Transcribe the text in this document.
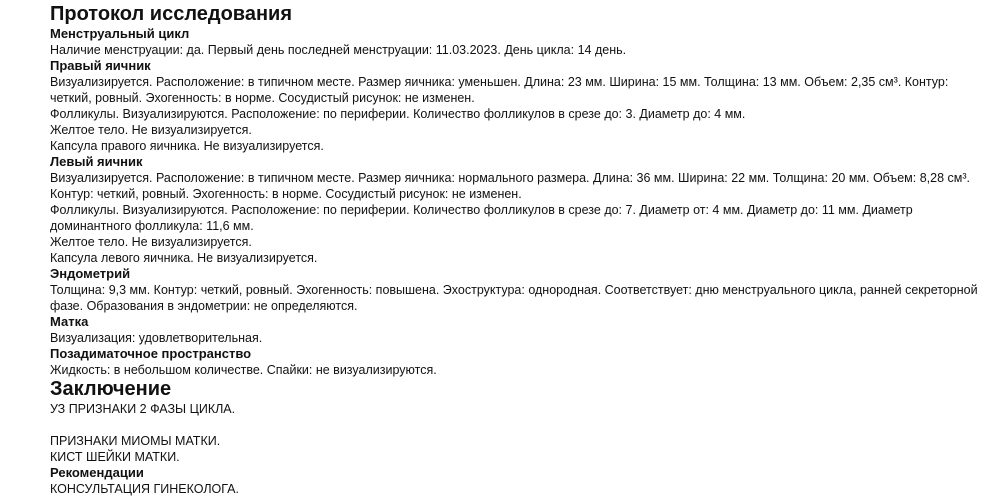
Протокол исследования
Менструальный цикл
Наличие менструации: да. Первый день последней менструации: 11.03.2023. День цикла: 14 день.
Правый яичник
Визуализируется. Расположение: в типичном месте. Размер яичника: уменьшен. Длина: 23 мм. Ширина: 15 мм. Толщина: 13 мм. Объем: 2,35 см³. Контур: четкий, ровный. Эхогенность: в норме. Сосудистый рисунок: не изменен.
Фолликулы. Визуализируются. Расположение: по периферии. Количество фолликулов в срезе до: 3. Диаметр до: 4 мм.
Желтое тело. Не визуализируется.
Капсула правого яичника. Не визуализируется.
Левый яичник
Визуализируется. Расположение: в типичном месте. Размер яичника: нормального размера. Длина: 36 мм. Ширина: 22 мм. Толщина: 20 мм. Объем: 8,28 см³. Контур: четкий, ровный. Эхогенность: в норме. Сосудистый рисунок: не изменен.
Фолликулы. Визуализируются. Расположение: по периферии. Количество фолликулов в срезе до: 7. Диаметр от: 4 мм. Диаметр до: 11 мм. Диаметр доминантного фолликула: 11,6 мм.
Желтое тело. Не визуализируется.
Капсула левого яичника. Не визуализируется.
Эндометрий
Толщина: 9,3 мм. Контур: четкий, ровный. Эхогенность: повышена. Эхоструктура: однородная. Соответствует: дню менструального цикла, ранней секреторной фазе. Образования в эндометрии: не определяются.
Матка
Визуализация: удовлетворительная.
Позадиматочное пространство
Жидкость: в небольшом количестве. Спайки: не визуализируются.
Заключение
УЗ ПРИЗНАКИ 2 ФАЗЫ ЦИКЛА.
ПРИЗНАКИ МИОМЫ МАТКИ.
КИСТ ШЕЙКИ МАТКИ.
Рекомендации
КОНСУЛЬТАЦИЯ ГИНЕКОЛОГА.
